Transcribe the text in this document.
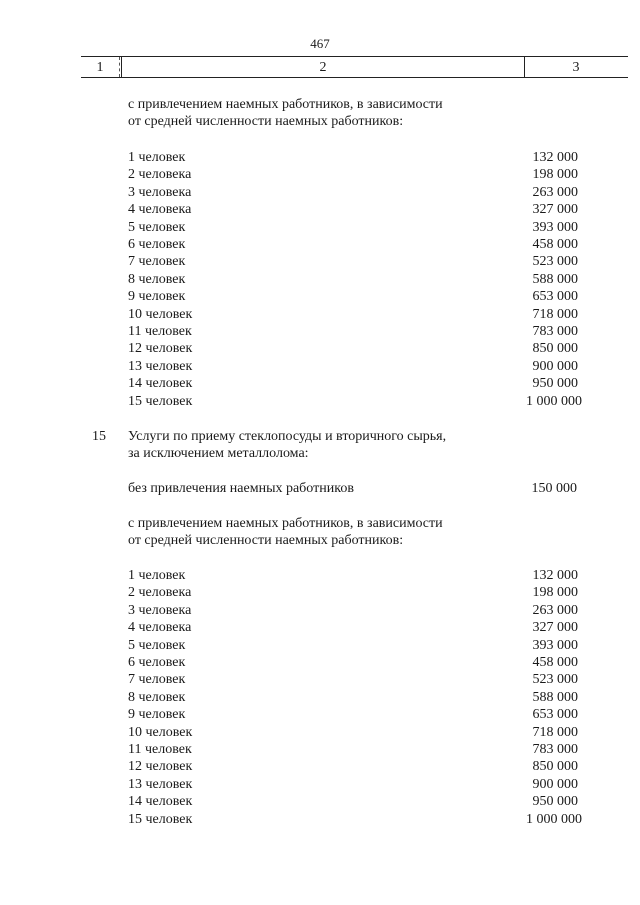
467
1	2	3
с привлечением наемных работников, в зависимости
от средней численности наемных работников:
1 человек	132 000
2 человека	198 000
3 человека	263 000
4 человека	327 000
5 человек	393 000
6 человек	458 000
7 человек	523 000
8 человек	588 000
9 человек	653 000
10 человек	718 000
11 человек	783 000
12 человек	850 000
13 человек	900 000
14 человек	950 000
15 человек	1 000 000
15 Услуги по приему стеклопосуды и вторичного сырья,
за исключением металлолома:
без привлечения наемных работников	150 000
с привлечением наемных работников, в зависимости
от средней численности наемных работников:
1 человек	132 000
2 человека	198 000
3 человека	263 000
4 человека	327 000
5 человек	393 000
6 человек	458 000
7 человек	523 000
8 человек	588 000
9 человек	653 000
10 человек	718 000
11 человек	783 000
12 человек	850 000
13 человек	900 000
14 человек	950 000
15 человек	1 000 000
